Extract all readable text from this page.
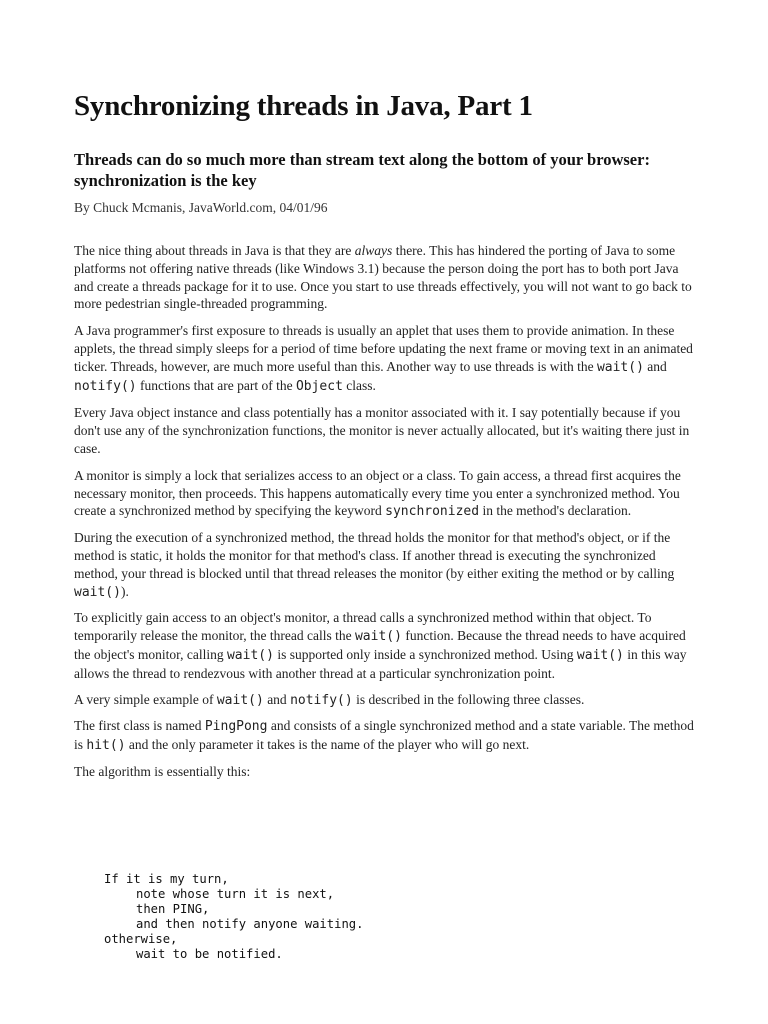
Synchronizing threads in Java, Part 1
Threads can do so much more than stream text along the bottom of your browser: synchronization is the key

By Chuck Mcmanis, JavaWorld.com, 04/01/96

The nice thing about threads in Java is that they are always there. This has hindered the porting of Java to some platforms not offering native threads (like Windows 3.1) because the person doing the port has to both port Java and create a threads package for it to use. Once you start to use threads effectively, you will not want to go back to more pedestrian single-threaded programming.

A Java programmer's first exposure to threads is usually an applet that uses them to provide animation. In these applets, the thread simply sleeps for a period of time before updating the next frame or moving text in an animated ticker. Threads, however, are much more useful than this. Another way to use threads is with the wait() and notify() functions that are part of the Object class.

Every Java object instance and class potentially has a monitor associated with it. I say potentially because if you don't use any of the synchronization functions, the monitor is never actually allocated, but it's waiting there just in case.

A monitor is simply a lock that serializes access to an object or a class. To gain access, a thread first acquires the necessary monitor, then proceeds. This happens automatically every time you enter a synchronized method. You create a synchronized method by specifying the keyword synchronized in the method's declaration.

During the execution of a synchronized method, the thread holds the monitor for that method's object, or if the method is static, it holds the monitor for that method's class. If another thread is executing the synchronized method, your thread is blocked until that thread releases the monitor (by either exiting the method or by calling wait()).

To explicitly gain access to an object's monitor, a thread calls a synchronized method within that object. To temporarily release the monitor, the thread calls the wait() function. Because the thread needs to have acquired the object's monitor, calling wait() is supported only inside a synchronized method. Using wait() in this way allows the thread to rendezvous with another thread at a particular synchronization point.

A very simple example of wait() and notify() is described in the following three classes.

The first class is named PingPong and consists of a single synchronized method and a state variable. The method is hit() and the only parameter it takes is the name of the player who will go next.

The algorithm is essentially this:

If it is my turn,
note whose turn it is next,
then PING,
and then notify anyone waiting.
otherwise,
wait to be notified.
